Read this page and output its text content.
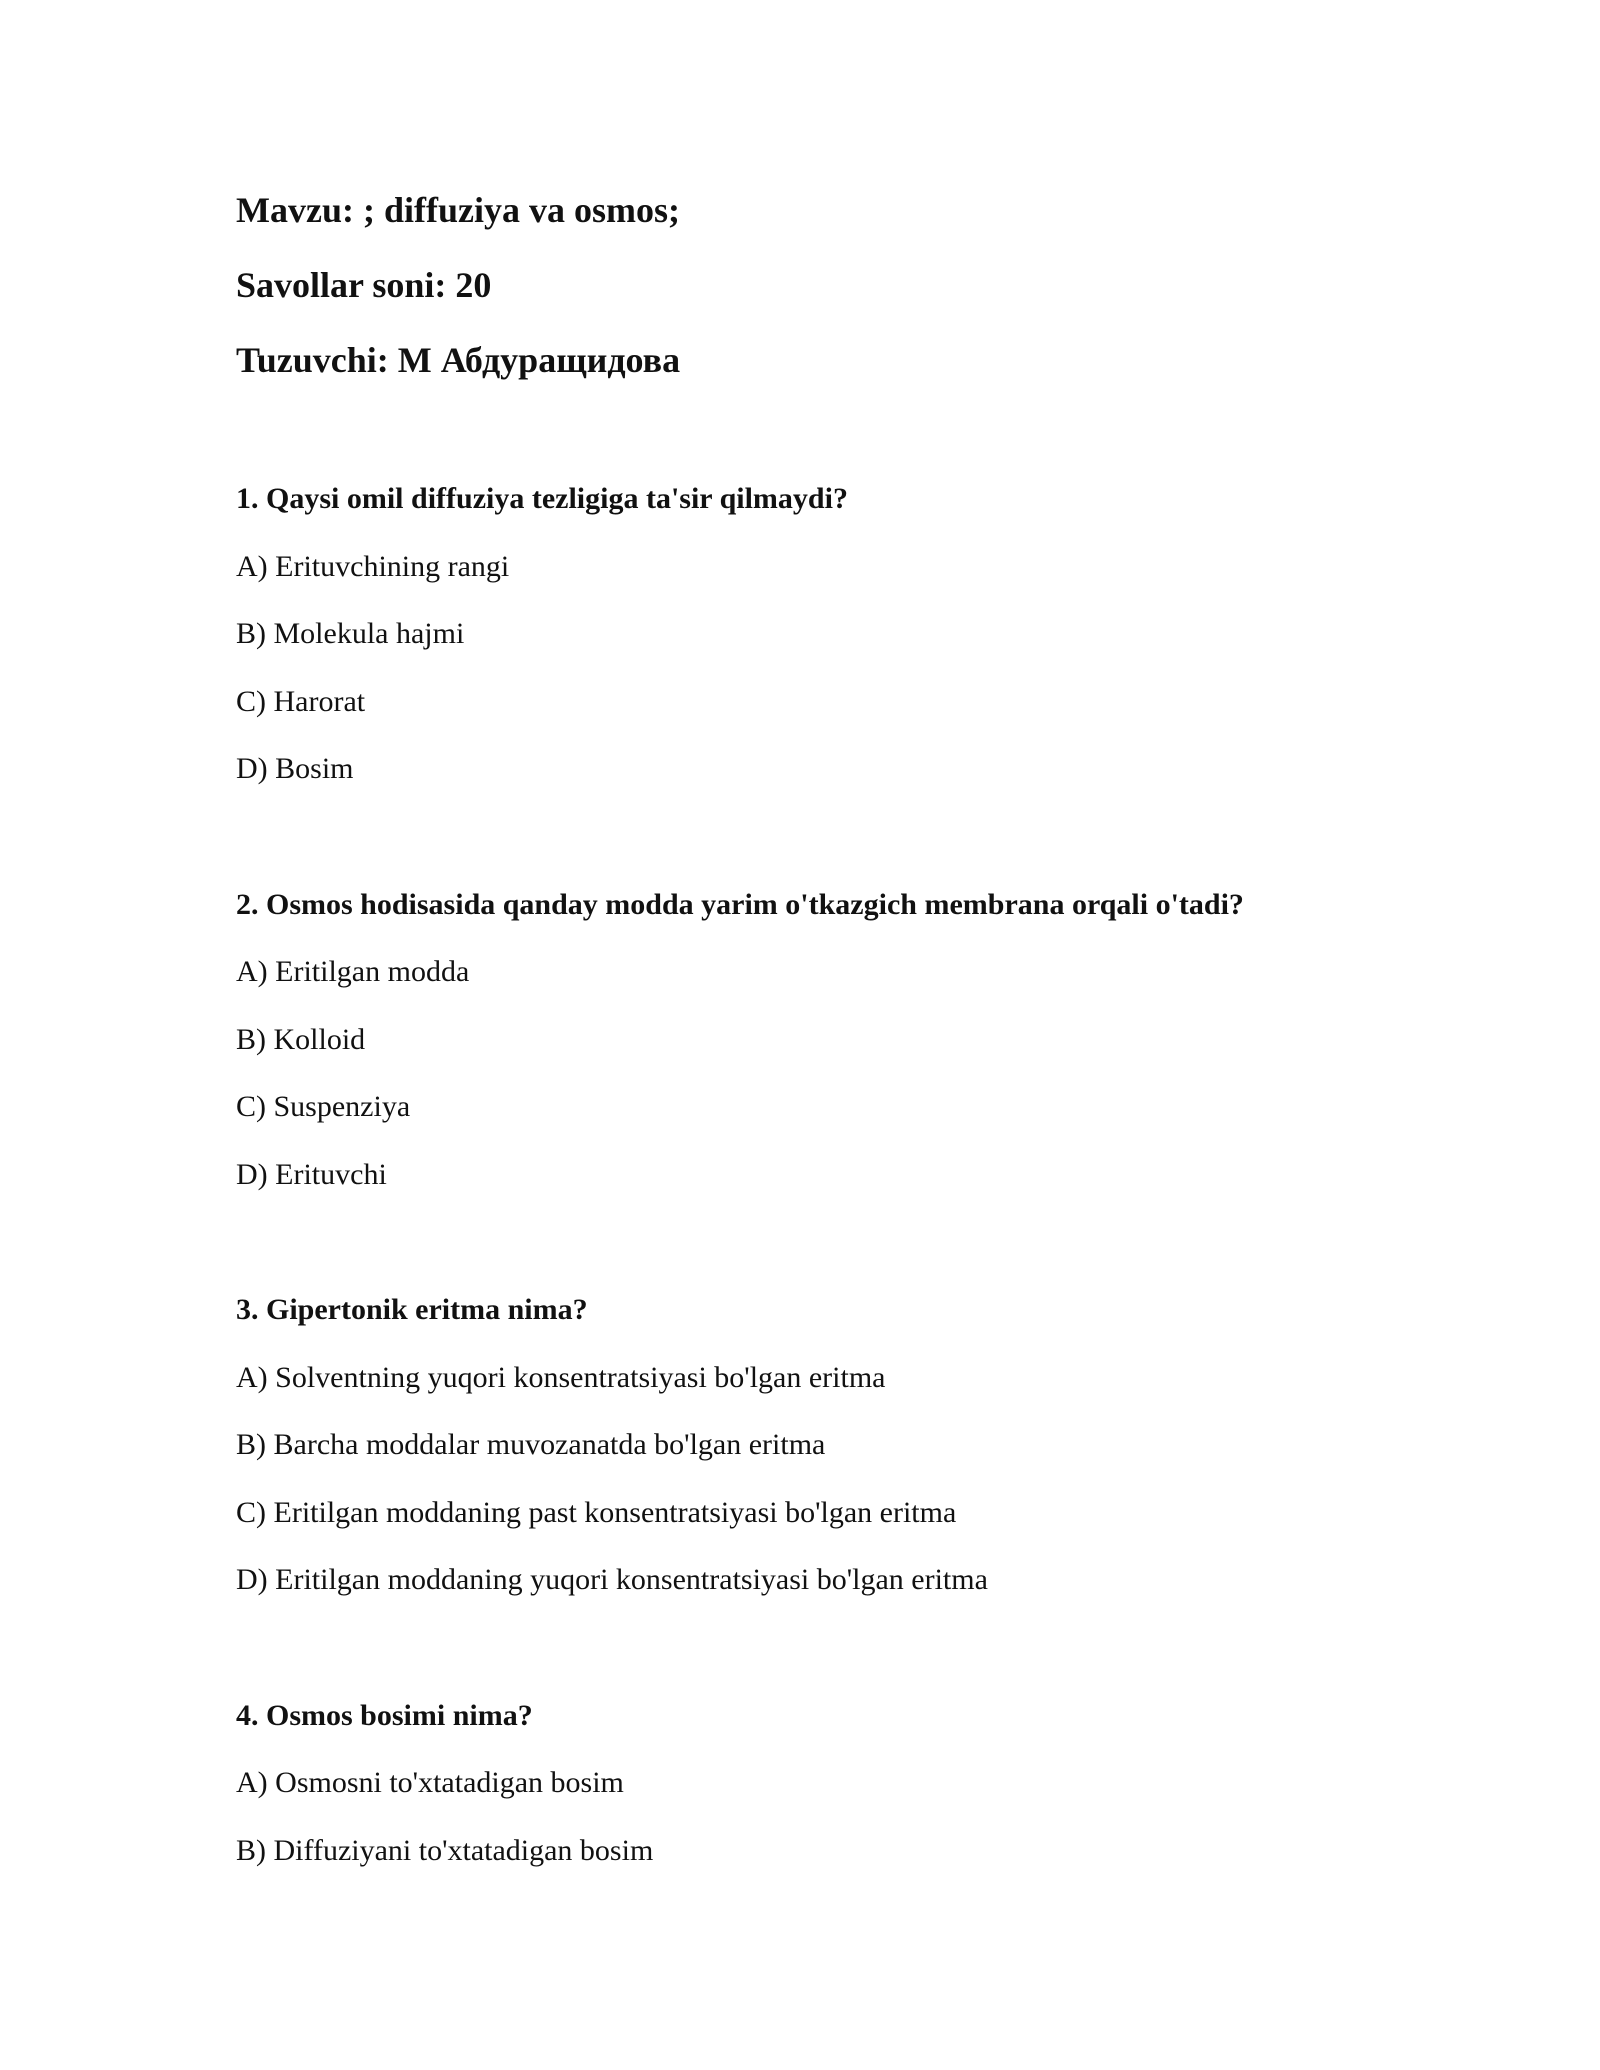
Mavzu: ; diffuziya va osmos;
Savollar soni: 20
Tuzuvchi: М Абдуращидова
1. Qaysi omil diffuziya tezligiga ta'sir qilmaydi?
A) Erituvchining rangi
B) Molekula hajmi
C) Harorat
D) Bosim
2. Osmos hodisasida qanday modda yarim o'tkazgich membrana orqali o'tadi?
A) Eritilgan modda
B) Kolloid
C) Suspenziya
D) Erituvchi
3. Gipertonik eritma nima?
A) Solventning yuqori konsentratsiyasi bo'lgan eritma
B) Barcha moddalar muvozanatda bo'lgan eritma
C) Eritilgan moddaning past konsentratsiyasi bo'lgan eritma
D) Eritilgan moddaning yuqori konsentratsiyasi bo'lgan eritma
4. Osmos bosimi nima?
A) Osmosni to'xtatadigan bosim
B) Diffuziyani to'xtatadigan bosim
